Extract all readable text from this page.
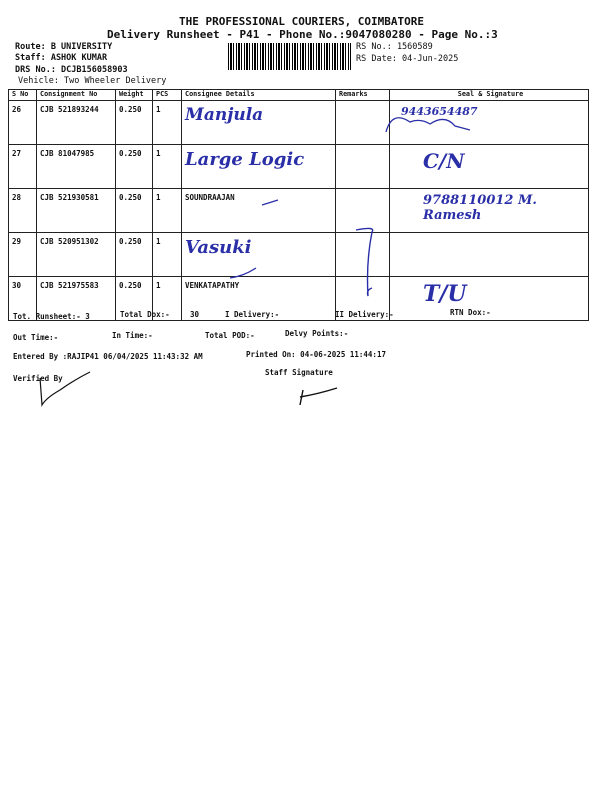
THE PROFESSIONAL COURIERS, COIMBATORE
Delivery Runsheet - P41 - Phone No.:9047080280 - Page No.:3
Route: B UNIVERSITY
Staff: ASHOK KUMAR
DRS No.: DCJB156058903
Vehicle: Two Wheeler Delivery
RS No.: 1560589
RS Date: 04-Jun-2025
S No	Consignment No	Weight	PCS	Consignee Details	Remarks	Seal & Signature
26	CJB 521893244	0.250	1	Manjula		9443654487
27	CJB 81047985	0.250	1	Large Logic		C/N
28	CJB 521930581	0.250	1	SOUNDRAAJAN		9788110012 M. Ramesh
29	CJB 520951302	0.250	1	Vasuki		
30	CJB 521975583	0.250	1	VENKATAPATHY		T/U
Tot. Runsheet:- 3	Total Dox:-	30	I Delivery:-	II Delivery:-	RTN Dox:-
Out Time:-	In Time:-	Total POD:-	Delvy Points:-
Entered By :RAJIP41 06/04/2025 11:43:32 AM	Printed On: 04-06-2025 11:44:17
Verified By
Staff Signature
